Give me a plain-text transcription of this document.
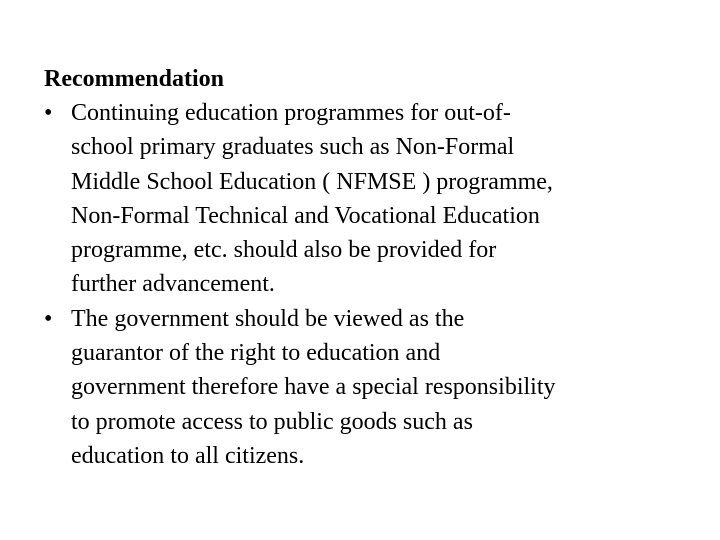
Recommendation
• Continuing education programmes for out-of-
school primary graduates such as Non-Formal
Middle School Education ( NFMSE ) programme,
Non-Formal Technical and Vocational Education
programme, etc. should also be provided for
further advancement.
• The government should be viewed as the
guarantor of the right to education and
government therefore have a special responsibility
to promote access to public goods such as
education to all citizens.
